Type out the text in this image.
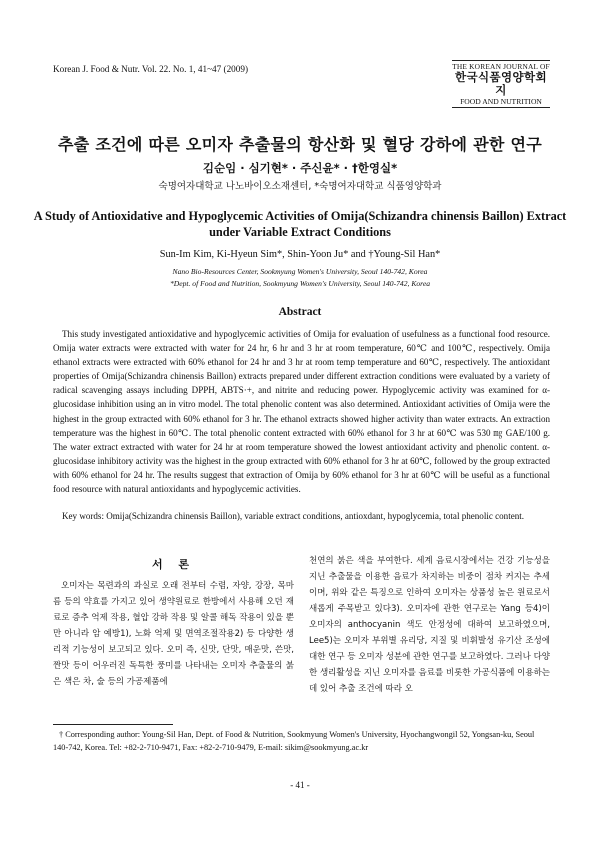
Korean J. Food & Nutr. Vol. 22. No. 1, 41~47 (2009)	THE KOREAN JOURNAL OF
한국식품영양학회지
FOOD AND NUTRITION
추출 조건에 따른 오미자 추출물의 항산화 및 혈당 강하에 관한 연구
김순임 · 심기현* · 주신윤* · †한영실*
숙명여자대학교 나노바이오소재센터, *숙명여자대학교 식품영양학과
A Study of Antioxidative and Hypoglycemic Activities of Omija(Schizandra chinensis Baillon) Extract under Variable Extract Conditions
Sun-Im Kim, Ki-Hyeun Sim*, Shin-Yoon Ju* and †Young-Sil Han*
Nano Bio-Resources Center, Sookmyung Women's University, Seoul 140-742, Korea
*Dept. of Food and Nutrition, Sookmyung Women's University, Seoul 140-742, Korea
Abstract

This study investigated antioxidative and hypoglycemic activities of Omija for evaluation of usefulness as a functional food resource. Omija water extracts were extracted with water for 24 hr, 6 hr and 3 hr at room temperature, 60℃ and 100℃, respectively. Omija ethanol extracts were extracted with 60% ethanol for 24 hr and 3 hr at room temp temperature and 60℃, respectively. The antioxidant properties of Omija(Schizandra chinensis Baillon) extracts prepared under different extraction conditions were evaluated by a variety of radical scavenging assays including DPPH, ABTS·+, and nitrite and reducing power. Hypoglycemic activity was examined for α-glucosidase inhibition using an in vitro model. The total phenolic content was also determined. Antioxidant activities of Omija were the highest in the group extracted with 60% ethanol for 3 hr. The ethanol extracts showed higher activity than water extracts. An extraction temperature was the highest in 60℃. The total phenolic content extracted with 60% ethanol for 3 hr at 60℃ was 530 ㎎ GAE/100 g. The water extract extracted with water for 24 hr at room temperature showed the lowest antioxidant activity and phenolic content. α-glucosidase inhibitory activity was the highest in the group extracted with 60% ethanol for 3 hr at 60℃, followed by the group extracted with 60% ethanol for 24 hr. The results suggest that extraction of Omija by 60% ethanol for 3 hr at 60℃ will be useful as a functional food resource with natural antioxidants and hypoglycemic activities.

Key words: Omija(Schizandra chinensis Baillon), variable extract conditions, antioxdant, hypoglycemia, total phenolic content.

서 론

오미자는 목련과의 과실로 오래 전부터 수렴, 자양, 강장, 목마름 등의 약효를 가지고 있어 생약원료로 한방에서 사용해 오던 재료로 증추 억제 작용, 혈압 강하 작용 및 알콜 해독 작용이 있을 뿐만 아니라 암 예방1), 노화 억제 및 면역조절작용2) 등 다양한 생리적 기능성이 보고되고 있다. 오미 즉, 신맛, 단맛, 매운맛, 쓴맛, 짠맛 등이 어우러진 독특한 풍미를 나타내는 오미자 추출물의 붉은 색은 차, 술 등의 가공제품에

천연의 붉은 색을 부여한다. 세계 음료시장에서는 건강 기능성을 지닌 추출물을 이용한 음료가 차지하는 비중이 점차 커지는 추세이며, 위와 같은 특징으로 인하여 오미자는 상품성 높은 원료로서 새롭게 주목받고 있다3). 오미자에 관한 연구로는 Yang 등4)이 오미자의 anthocyanin 색도 안정성에 대하여 보고하였으며, Lee5)는 오미자 부위별 유리당, 지질 및 비휘발성 유기산 조성에 대한 연구 등 오미자 성분에 관한 연구를 보고하였다. 그러나 다양한 생리활성을 지닌 오미자를 음료를 비롯한 가공식품에 이용하는데 있어 추출 조건에 따라 오

† Corresponding author: Young-Sil Han, Dept. of Food & Nutrition, Sookmyung Women's University, Hyochangwongil 52, Yongsan-ku, Seoul 140-742, Korea. Tel: +82-2-710-9471, Fax: +82-2-710-9479, E-mail: sikim@sookmyung.ac.kr

- 41 -
